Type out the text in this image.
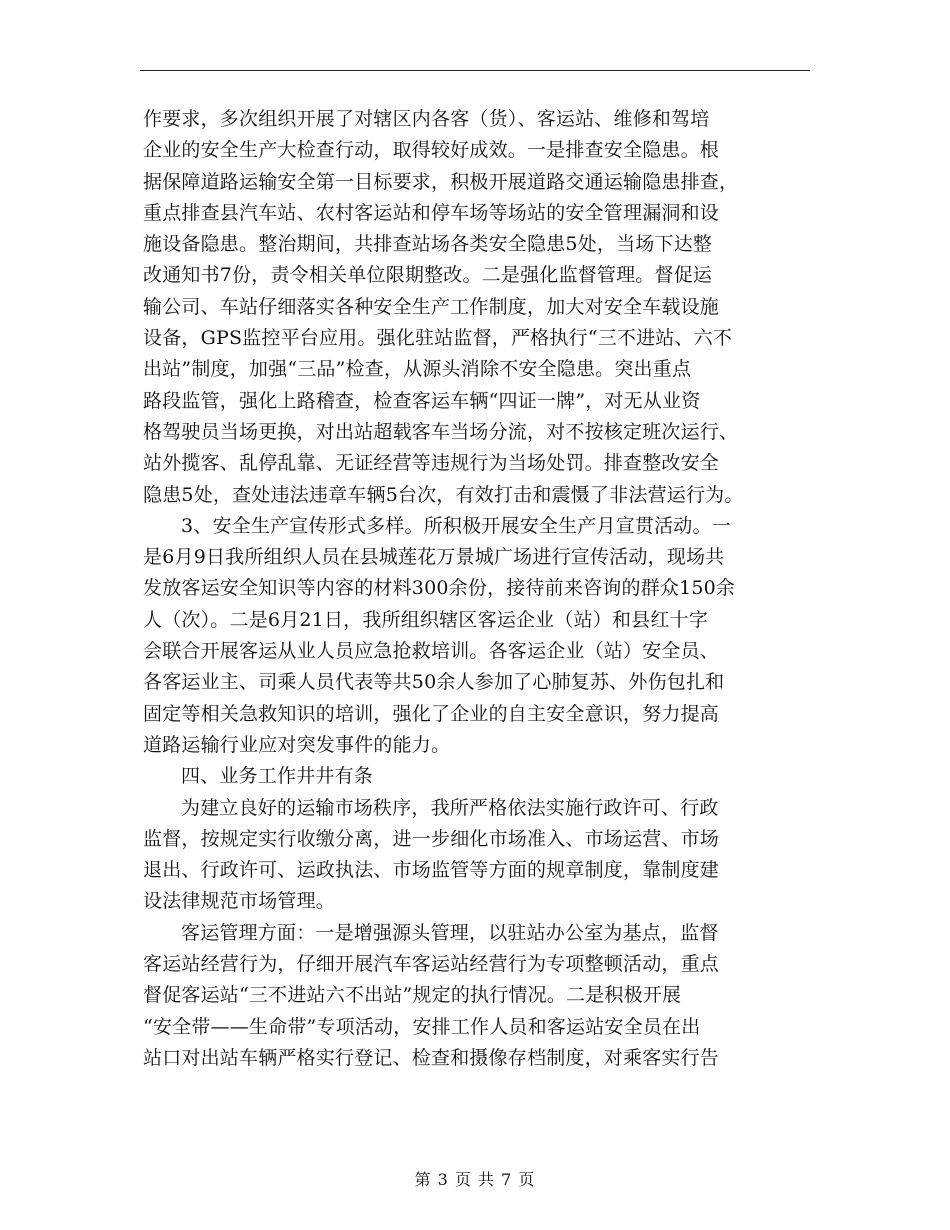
作要求，多次组织开展了对辖区内各客（货）、客运站、维修和驾培
企业的安全生产大检查行动，取得较好成效。一是排查安全隐患。根
据保障道路运输安全第一目标要求，积极开展道路交通运输隐患排查，
重点排查县汽车站、农村客运站和停车场等场站的安全管理漏洞和设
施设备隐患。整治期间，共排查站场各类安全隐患5处，当场下达整
改通知书7份，责令相关单位限期整改。二是强化监督管理。督促运
输公司、车站仔细落实各种安全生产工作制度，加大对安全车载设施
设备，GPS监控平台应用。强化驻站监督，严格执行“三不进站、六不
出站”制度，加强“三品”检查，从源头消除不安全隐患。突出重点
路段监管，强化上路稽查，检查客运车辆“四证一牌”，对无从业资
格驾驶员当场更换，对出站超载客车当场分流，对不按核定班次运行、
站外揽客、乱停乱靠、无证经营等违规行为当场处罚。排查整改安全
隐患5处，查处违法违章车辆5台次，有效打击和震慑了非法营运行为。
3、安全生产宣传形式多样。所积极开展安全生产月宣贯活动。一
是6月9日我所组织人员在县城莲花万景城广场进行宣传活动，现场共
发放客运安全知识等内容的材料300余份，接待前来咨询的群众150余
人（次）。二是6月21日，我所组织辖区客运企业（站）和县红十字
会联合开展客运从业人员应急抢救培训。各客运企业（站）安全员、
各客运业主、司乘人员代表等共50余人参加了心肺复苏、外伤包扎和
固定等相关急救知识的培训，强化了企业的自主安全意识，努力提高
道路运输行业应对突发事件的能力。
四、业务工作井井有条
为建立良好的运输市场秩序，我所严格依法实施行政许可、行政
监督，按规定实行收缴分离，进一步细化市场准入、市场运营、市场
退出、行政许可、运政执法、市场监管等方面的规章制度，靠制度建
设法律规范市场管理。
客运管理方面：一是增强源头管理，以驻站办公室为基点，监督
客运站经营行为，仔细开展汽车客运站经营行为专项整顿活动，重点
督促客运站“三不进站六不出站”规定的执行情况。二是积极开展
“安全带——生命带”专项活动，安排工作人员和客运站安全员在出
站口对出站车辆严格实行登记、检查和摄像存档制度，对乘客实行告
第 3 页 共 7 页
